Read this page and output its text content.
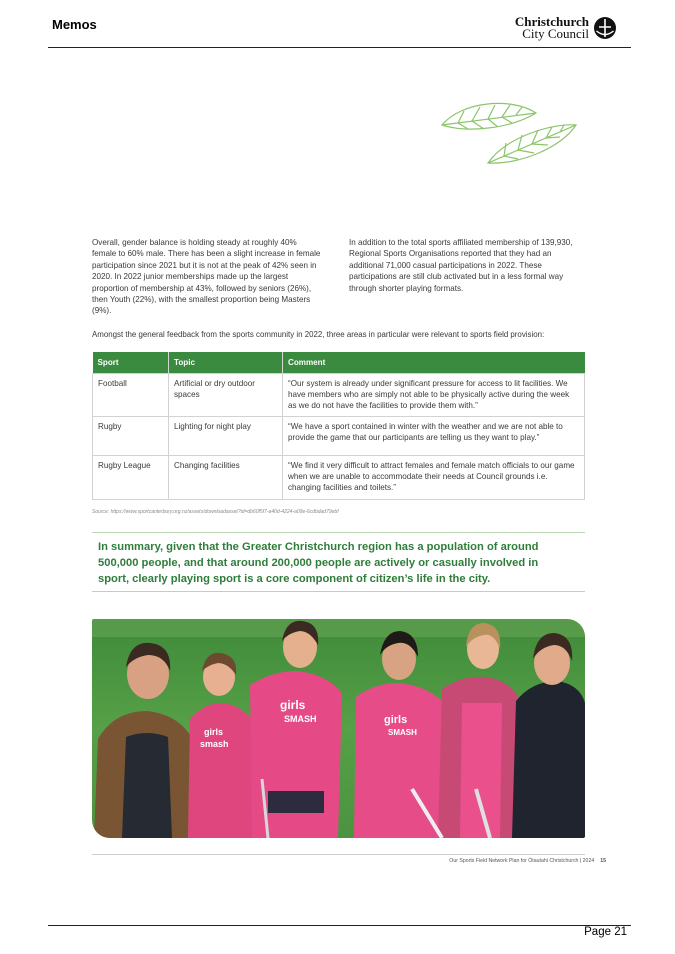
Memos	Christchurch
City Council
Overall, gender balance is holding steady at roughly 40% female to 60% male. There has been a slight increase in female participation since 2021 but it is not at the peak of 42% seen in 2020. In 2022 junior memberships made up the largest proportion of membership at 43%, followed by seniors (26%), then Youth (22%), with the smallest proportion being Masters (9%).
In addition to the total sports affiliated membership of 139,930, Regional Sports Organisations reported that they had an additional 71,000 casual participations in 2022. These participations are still club activated but in a less formal way through shorter playing formats.
Amongst the general feedback from the sports community in 2022, three areas in particular were relevant to sports field provision:
Sport	Topic	Comment
Football	Artificial or dry outdoor spaces	“Our system is already under significant pressure for access to lit facilities. We have members who are simply not able to be physically active during the week as we do not have the facilities to provide them with.”
Rugby	Lighting for night play	“We have a sport contained in winter with the weather and we are not able to provide the game that our participants are telling us they want to play.”
Rugby League	Changing facilities	“We find it very difficult to attract females and female match officials to our game when we are unable to accommodate their needs at Council grounds i.e. changing facilities and toilets.”
Source: https://www.sportcanterbury.org.nz/assets/downloadasset?id=db60f5f7-a40d-4224-a09e-6cdbdad79ebf
In summary, given that the Greater Christchurch region has a population of around 500,000 people, and that around 200,000 people are actively or casually involved in sport, clearly playing sport is a core component of citizen’s life in the city.
girls
smash
girls
SMASH	girls
SMASH
Our Sports Field Network Plan for Ōtautahi Christchurch | 2024 15
Page 21
